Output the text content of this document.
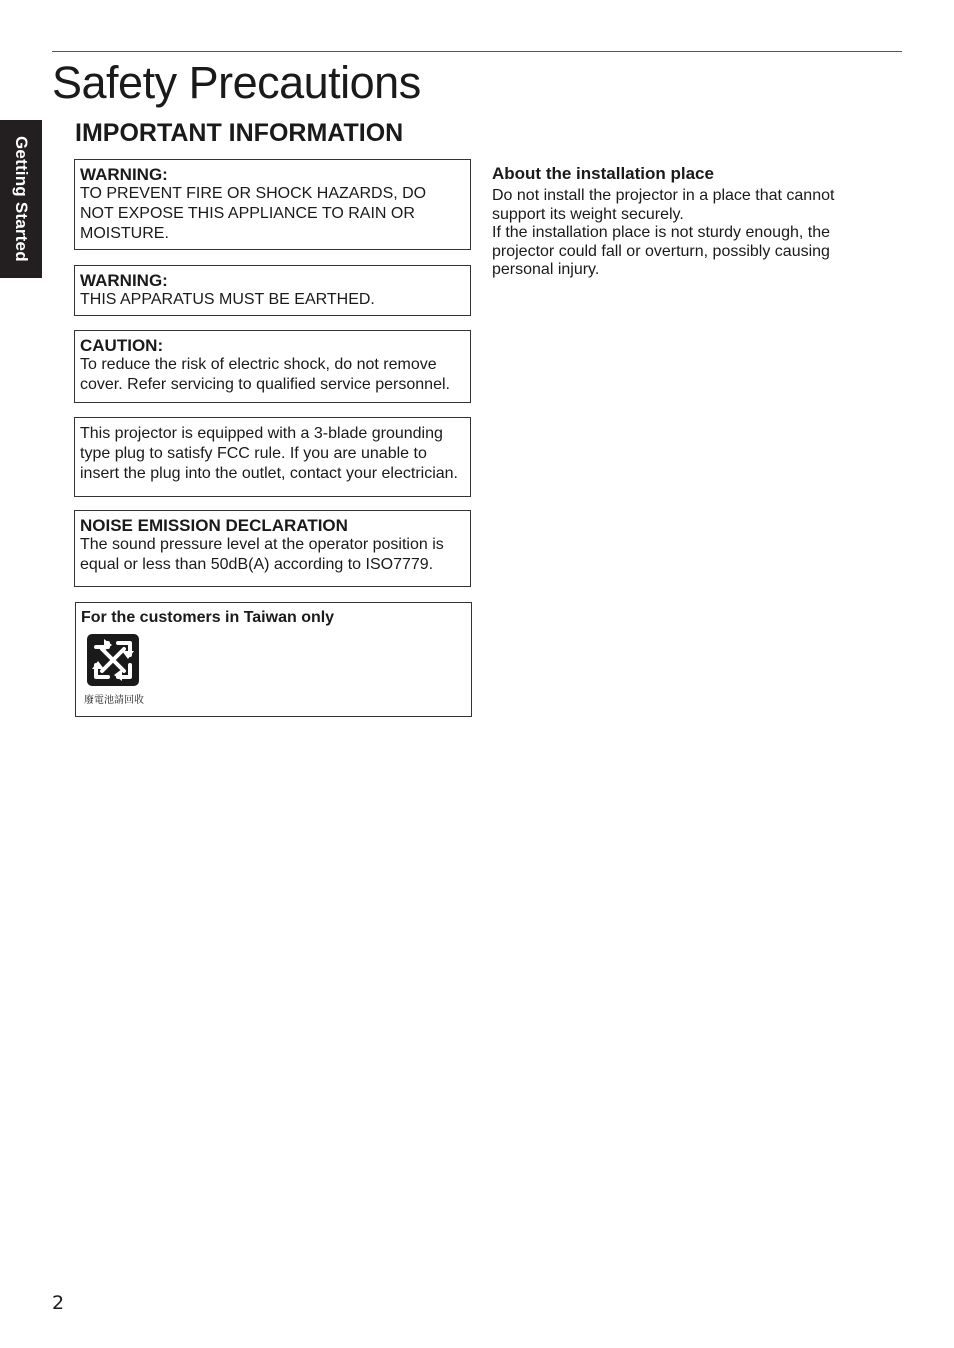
Safety Precautions
Getting Started
IMPORTANT INFORMATION
WARNING:

TO PREVENT FIRE OR SHOCK HAZARDS, DO NOT EXPOSE THIS APPLIANCE TO RAIN OR MOISTURE.

WARNING:

THIS APPARATUS MUST BE EARTHED.

CAUTION:

To reduce the risk of electric shock, do not remove cover. Refer servicing to qualified service personnel.

This projector is equipped with a 3-blade grounding type plug to satisfy FCC rule. If you are unable to insert the plug into the outlet, contact your electrician.

NOISE EMISSION DECLARATION

The sound pressure level at the operator position is equal or less than 50dB(A) according to ISO7779.

For the customers in Taiwan only
廢電池請回收
About the installation place

Do not install the projector in a place that cannot support its weight securely.

If the installation place is not sturdy enough, the projector could fall or overturn, possibly causing personal injury.

2
